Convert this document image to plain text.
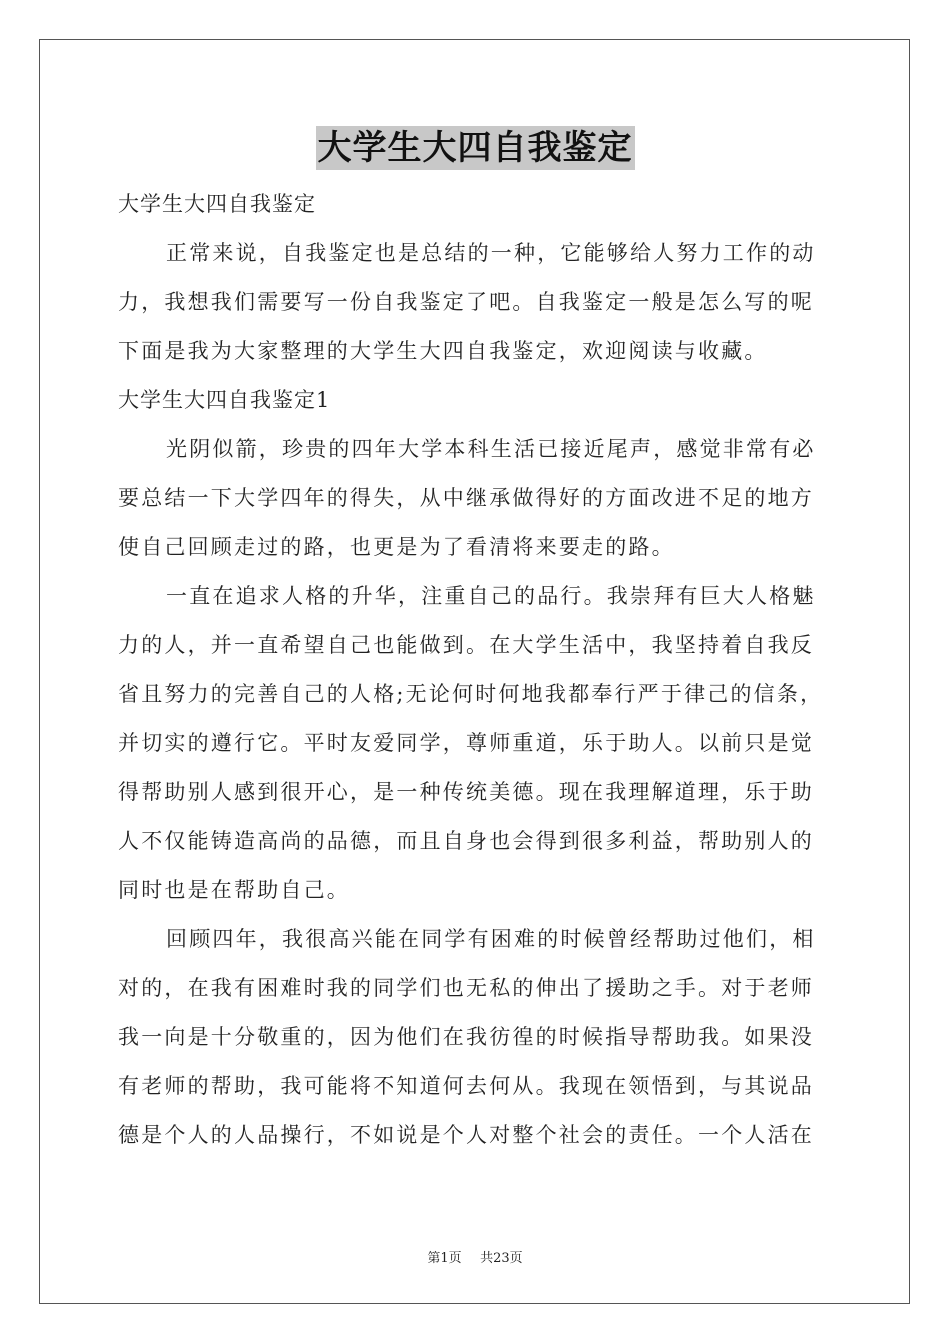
大学生大四自我鉴定
大学生大四自我鉴定
正常来说，自我鉴定也是总结的一种，它能够给人努力工作的动
力，我想我们需要写一份自我鉴定了吧。自我鉴定一般是怎么写的呢
下面是我为大家整理的大学生大四自我鉴定，欢迎阅读与收藏。
大学生大四自我鉴定1
光阴似箭，珍贵的四年大学本科生活已接近尾声，感觉非常有必
要总结一下大学四年的得失，从中继承做得好的方面改进不足的地方
使自己回顾走过的路，也更是为了看清将来要走的路。
一直在追求人格的升华，注重自己的品行。我崇拜有巨大人格魅
力的人，并一直希望自己也能做到。在大学生活中，我坚持着自我反
省且努力的完善自己的人格;无论何时何地我都奉行严于律己的信条，
并切实的遵行它。平时友爱同学，尊师重道，乐于助人。以前只是觉
得帮助别人感到很开心，是一种传统美德。现在我理解道理，乐于助
人不仅能铸造高尚的品德，而且自身也会得到很多利益，帮助别人的
同时也是在帮助自己。
回顾四年，我很高兴能在同学有困难的时候曾经帮助过他们，相
对的，在我有困难时我的同学们也无私的伸出了援助之手。对于老师
我一向是十分敬重的，因为他们在我彷徨的时候指导帮助我。如果没
有老师的帮助，我可能将不知道何去何从。我现在领悟到，与其说品
德是个人的人品操行，不如说是个人对整个社会的责任。一个人活在
第1页 共23页
